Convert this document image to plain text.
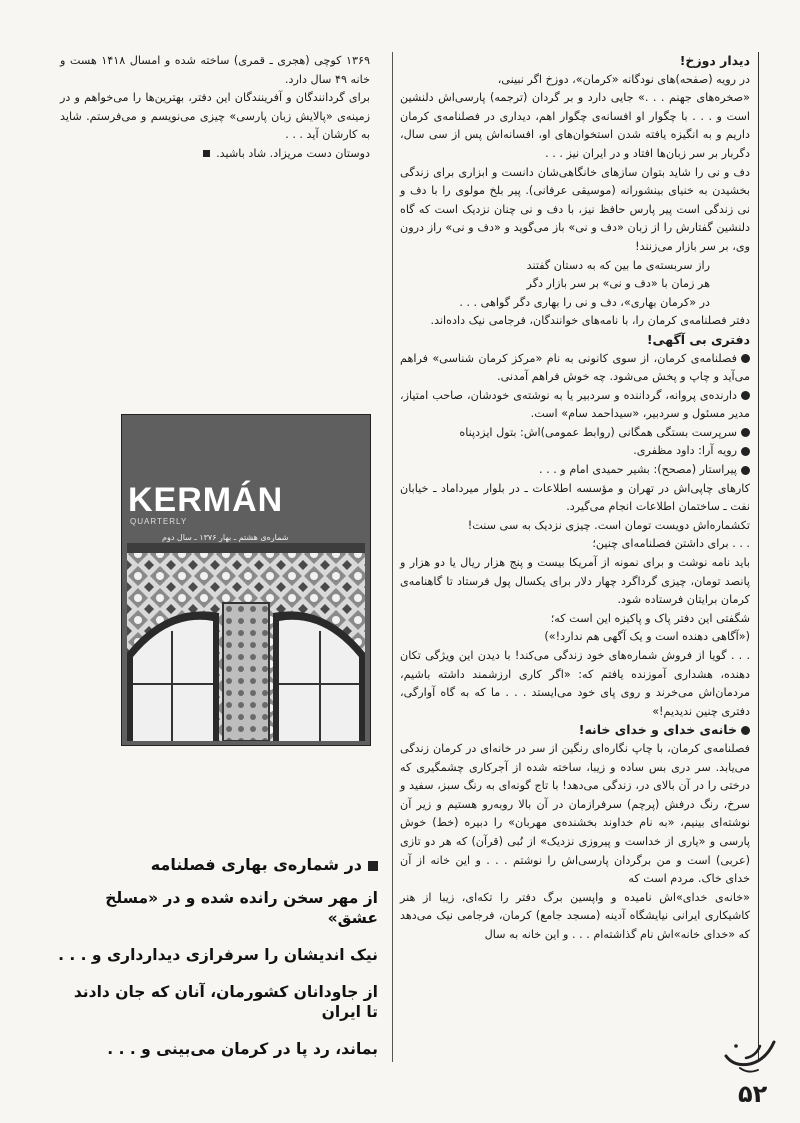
دیدار دوزخ!

در رویه (صفحه)های نودگانه «کرمان»، دوزخ اگر نبینی،

«صخره‌های جهنم . . .» جایی دارد و بر گردان (ترجمه) پارسی‌اش دلنشین است و . . . با چگوار او افسانه‌ی چگوار اهم، دیداری در فصلنامه‌ی کرمان داریم و به انگیزه یافته شدن استخوان‌های او، افسانه‌اش پس از سی سال، دگربار بر سر زبان‌ها افتاد و در ایران نیز . . .

دف و نی را شاید بتوان سازهای خانگاهی‌شان دانست و ابزاری برای زندگی بخشیدن به خنیای بینشورانه (موسیقی عرفانی). پیر بلخ مولوی را با دف و نی زندگی است پیر پارس حافظ نیز، با دف و نی چنان نزدیک است که گاه دلنشین گفتارش را از زبان «دف و نی» باز می‌گوید و «دف و نی» راز درون وی، بر سر بازار می‌زنند!

راز سربسته‌ی ما بین که به دستان گفتند

هر زمان با «دف و نی» بر سر بازار دگر

در «کرمان بهاری»، دف و نی را بهاری دگر گواهی . . .

دفتر فصلنامه‌ی کرمان را، با نامه‌های خوانندگان، فرجامی نیک داده‌اند.

دفتری بی آگهی!

فصلنامه‌ی کرمان، از سوی کانونی به نام «مرکز کرمان شناسی» فراهم می‌آید و چاپ و پخش می‌شود. چه خوش فراهم آمدنی.

دارنده‌ی پروانه، گرداننده و سردبیر یا به نوشته‌ی خودشان، صاحب امتیاز، مدیر مسئول و سردبیر، «سیداحمد سام» است.

سرپرست بستگی همگانی (روابط عمومی)اش: بتول ایزدپناه

رویه آرا: داود مظفری.

پیراستار (مصحح): بشیر حمیدی امام و . . .

کارهای چاپی‌اش در تهران و مؤسسه اطلاعات ـ در بلوار میرداماد ـ خیابان نفت ـ ساختمان اطلاعات انجام می‌گیرد.

تکشماره‌اش دویست تومان است. چیزی نزدیک به سی سنت!

. . . برای داشتن فصلنامه‌ای چنین؛

باید نامه نوشت و برای نمونه از آمریکا بیست و پنج هزار ریال یا دو هزار و پانصد تومان، چیزی گرداگرد چهار دلار برای یکسال پول فرستاد تا گاهنامه‌ی کرمان برایتان فرستاده شود.

شگفتی این دفتر پاک و پاکیزه این است که؛

(«آگاهی دهنده است و یک آگهی هم ندارد!»)

. . . گویا از فروش شماره‌های خود زندگی می‌کند! با دیدن این ویژگی تکان دهنده، هشداری آموزنده یافتم که: «اگر کاری ارزشمند داشته باشیم، مردمان‌اش می‌خرند و روی پای خود می‌ایستد . . . ما که به گاه آوارگی، دفتری چنین ندیدیم!»

خانه‌ی خدای و خدای خانه!

فصلنامه‌ی کرمان، با چاپ نگاره‌ای رنگین از سر در خانه‌ای در کرمان زندگی می‌یابد. سر دری بس ساده و زیبا، ساخته شده از آجرکاری چشمگیری که درختی را در آن بالای در، زندگی می‌دهد! با تاج گونه‌ای به رنگ سبز، سفید و سرخ، رنگ درفش (پرچم) سرفرازمان در آن بالا روبه‌رو هستیم و زیر آن نوشته‌ای بینیم، «به نام خداوند بخشنده‌ی مهربان» را دبیره (خط) خوش پارسی و «یاری از خداست و پیروزی نزدیک» از نُبی (قرآن) که هر دو تازی (عربی) است و من برگردان پارسی‌اش را نوشتم . . . و این خانه از آن خدای خاک. مردم است که

«خانه‌ی خدای»اش نامیده و واپسین برگ دفتر را تکه‌ای، زیبا از هنر کاشیکاری ایرانی نیایشگاه آدینه (مسجد جامع) کرمان، فرجامی نیک می‌دهد که «خدای خانه»اش نام گذاشته‌ام . . . و این خانه به سال

۱۳۶۹ کوچی (هجری ـ قمری) ساخته شده و امسال ۱۴۱۸ هست و خانه ۴۹ سال دارد.

برای گردانندگان و آفرینندگان این دفتر، بهترین‌ها را می‌خواهم و در زمینه‌ی «پالایش زبان پارسی» چیزی می‌نویسم و می‌فرستم. شاید به کارشان آید . . .

دوستان دست مریزاد. شاد باشید.

KERMÁN
QUARTERLY
شماره‌ی هشتم ـ بهار ۱۳۷۶ ـ سال دوم
در شماره‌ی بهاری فصلنامه
از مهر سخن رانده شده و در «مسلخ عشق»
نیک اندیشان را سرفرازی دیدارداری و . . .
از جاودانان کشورمان، آنان که جان دادند تا ایران
بماند، رد پا در کرمان می‌بینی و . . .
۵۲
